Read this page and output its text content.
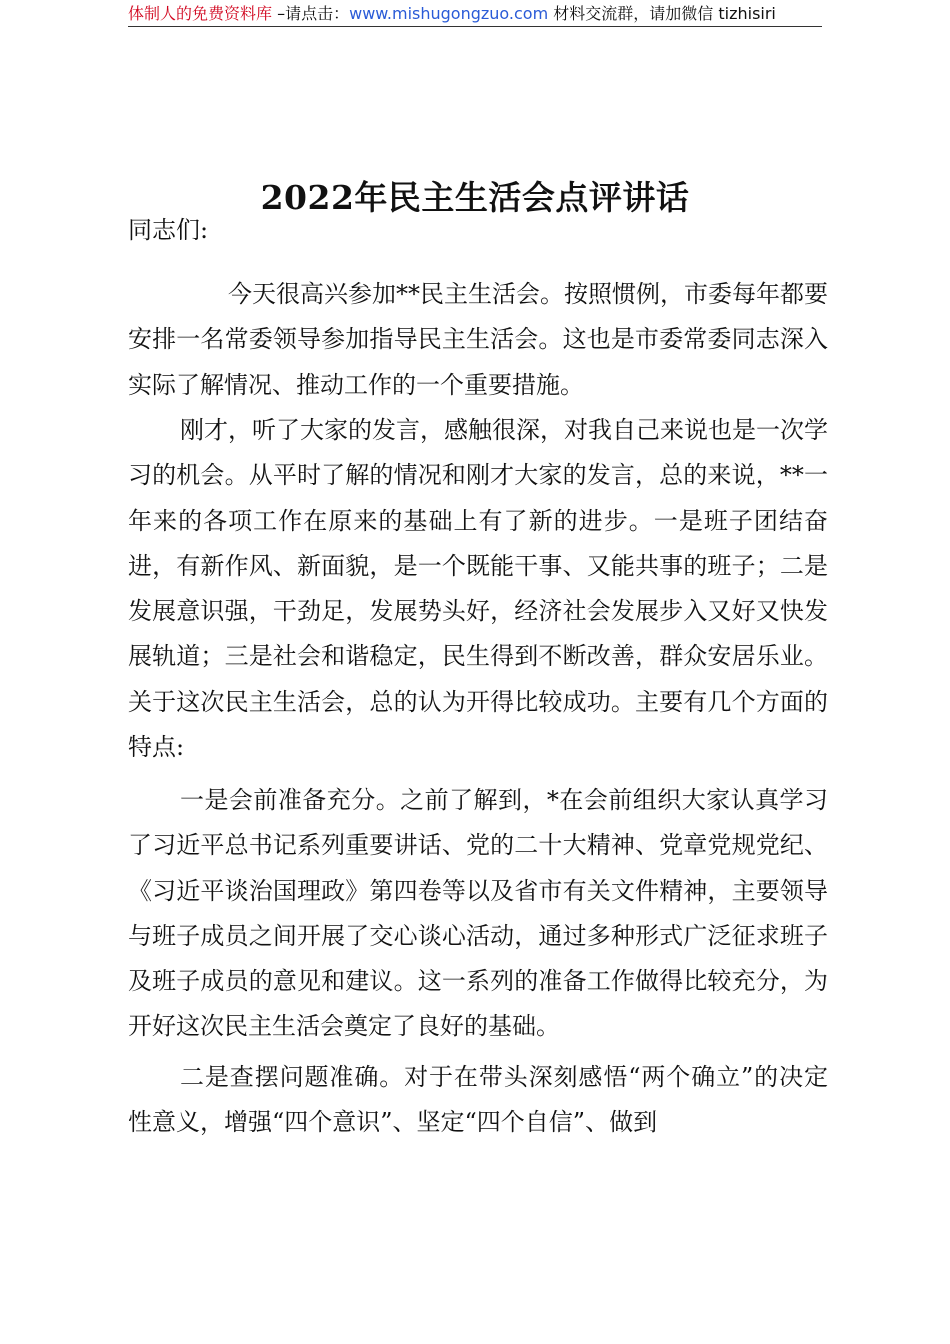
体制人的免费资料库 –请点击：www.mishugongzuo.com 材料交流群，请加微信 tizhisiri
2022年民主生活会点评讲话
同志们:
今天很高兴参加**民主生活会。按照惯例，市委每年都要安排一名常委领导参加指导民主生活会。这也是市委常委同志深入实际了解情况、推动工作的一个重要措施。
刚才，听了大家的发言，感触很深，对我自己来说也是一次学习的机会。从平时了解的情况和刚才大家的发言，总的来说，**一年来的各项工作在原来的基础上有了新的进步。一是班子团结奋进，有新作风、新面貌，是一个既能干事、又能共事的班子；二是发展意识强，干劲足，发展势头好，经济社会发展步入又好又快发展轨道；三是社会和谐稳定，民生得到不断改善，群众安居乐业。关于这次民主生活会，总的认为开得比较成功。主要有几个方面的特点:
一是会前准备充分。之前了解到，*在会前组织大家认真学习了习近平总书记系列重要讲话、党的二十大精神、党章党规党纪、《习近平谈治国理政》第四卷等以及省市有关文件精神，主要领导与班子成员之间开展了交心谈心活动，通过多种形式广泛征求班子及班子成员的意见和建议。这一系列的准备工作做得比较充分，为开好这次民主生活会奠定了良好的基础。
二是查摆问题准确。对于在带头深刻感悟“两个确立”的决定性意义，增强“四个意识”、坚定“四个自信”、做到
